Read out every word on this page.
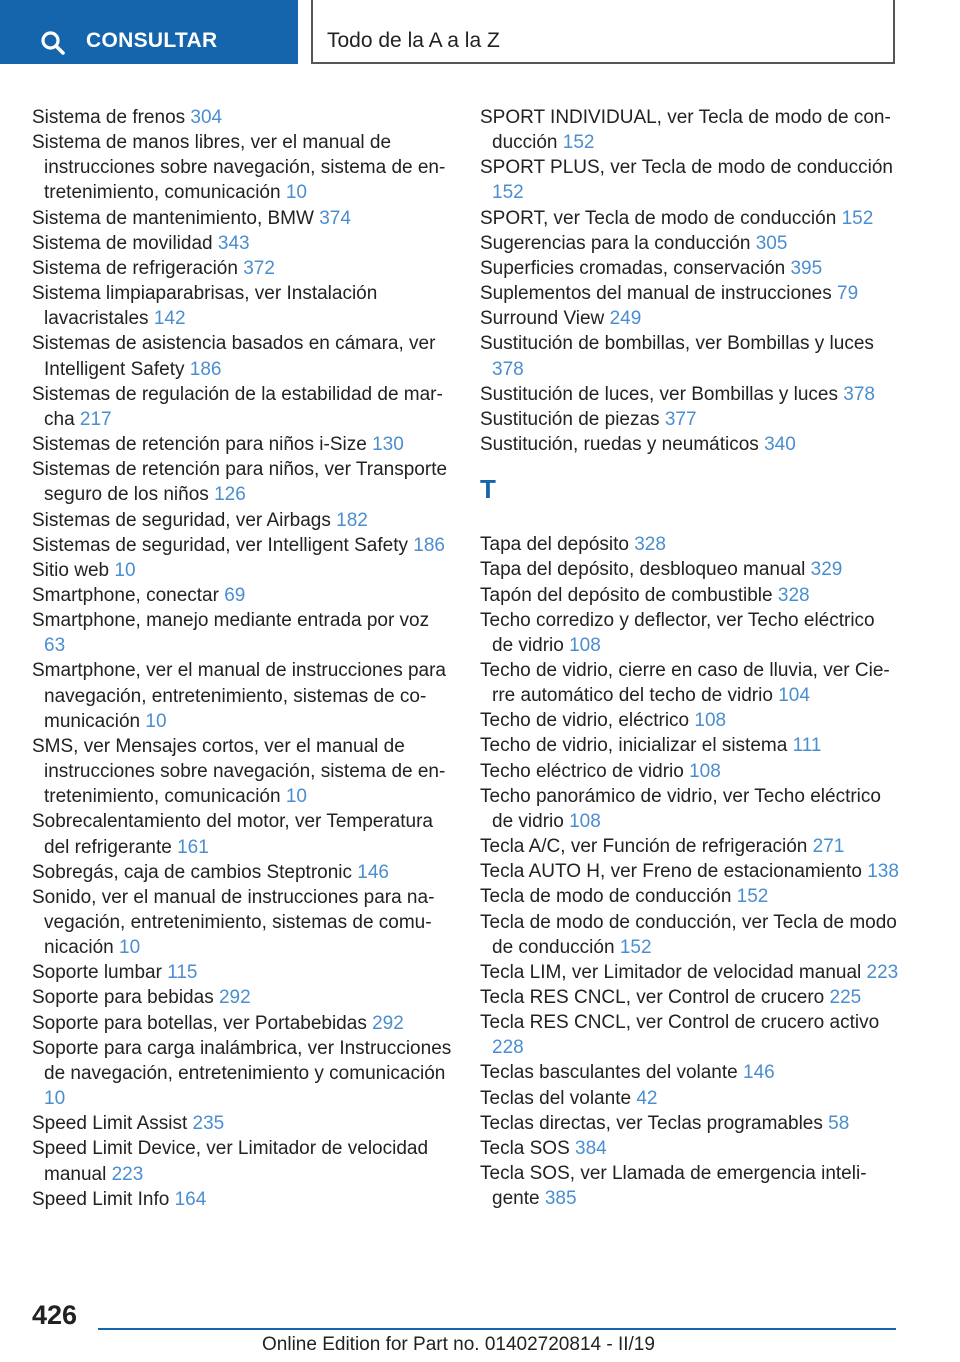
CONSULTAR	Todo de la A a la Z
Sistema de frenos 304
Sistema de manos libres, ver el manual de instrucciones sobre navegación, sistema de entretenimiento, comunicación 10
Sistema de mantenimiento, BMW 374
Sistema de movilidad 343
Sistema de refrigeración 372
Sistema limpiaparabrisas, ver Instalación lavacristales 142
Sistemas de asistencia basados en cámara, ver Intelligent Safety 186
Sistemas de regulación de la estabilidad de marcha 217
Sistemas de retención para niños i-Size 130
Sistemas de retención para niños, ver Transporte seguro de los niños 126
Sistemas de seguridad, ver Airbags 182
Sistemas de seguridad, ver Intelligent Safety 186
Sitio web 10
Smartphone, conectar 69
Smartphone, manejo mediante entrada por voz 63
Smartphone, ver el manual de instrucciones para navegación, entretenimiento, sistemas de comunicación 10
SMS, ver Mensajes cortos, ver el manual de instrucciones sobre navegación, sistema de entretenimiento, comunicación 10
Sobrecalentamiento del motor, ver Temperatura del refrigerante 161
Sobregás, caja de cambios Steptronic 146
Sonido, ver el manual de instrucciones para navegación, entretenimiento, sistemas de comunicación 10
Soporte lumbar 115
Soporte para bebidas 292
Soporte para botellas, ver Portabebidas 292
Soporte para carga inalámbrica, ver Instrucciones de navegación, entretenimiento y comunicación 10
Speed Limit Assist 235
Speed Limit Device, ver Limitador de velocidad manual 223
Speed Limit Info 164
SPORT INDIVIDUAL, ver Tecla de modo de conducción 152
SPORT PLUS, ver Tecla de modo de conducción 152
SPORT, ver Tecla de modo de conducción 152
Sugerencias para la conducción 305
Superficies cromadas, conservación 395
Suplementos del manual de instrucciones 79
Surround View 249
Sustitución de bombillas, ver Bombillas y luces 378
Sustitución de luces, ver Bombillas y luces 378
Sustitución de piezas 377
Sustitución, ruedas y neumáticos 340
T
Tapa del depósito 328
Tapa del depósito, desbloqueo manual 329
Tapón del depósito de combustible 328
Techo corredizo y deflector, ver Techo eléctrico de vidrio 108
Techo de vidrio, cierre en caso de lluvia, ver Cierre automático del techo de vidrio 104
Techo de vidrio, eléctrico 108
Techo de vidrio, inicializar el sistema 111
Techo eléctrico de vidrio 108
Techo panorámico de vidrio, ver Techo eléctrico de vidrio 108
Tecla A/C, ver Función de refrigeración 271
Tecla AUTO H, ver Freno de estacionamiento 138
Tecla de modo de conducción 152
Tecla de modo de conducción, ver Tecla de modo de conducción 152
Tecla LIM, ver Limitador de velocidad manual 223
Tecla RES CNCL, ver Control de crucero 225
Tecla RES CNCL, ver Control de crucero activo 228
Teclas basculantes del volante 146
Teclas del volante 42
Teclas directas, ver Teclas programables 58
Tecla SOS 384
Tecla SOS, ver Llamada de emergencia inteligente 385
426
Online Edition for Part no. 01402720814 - II/19
